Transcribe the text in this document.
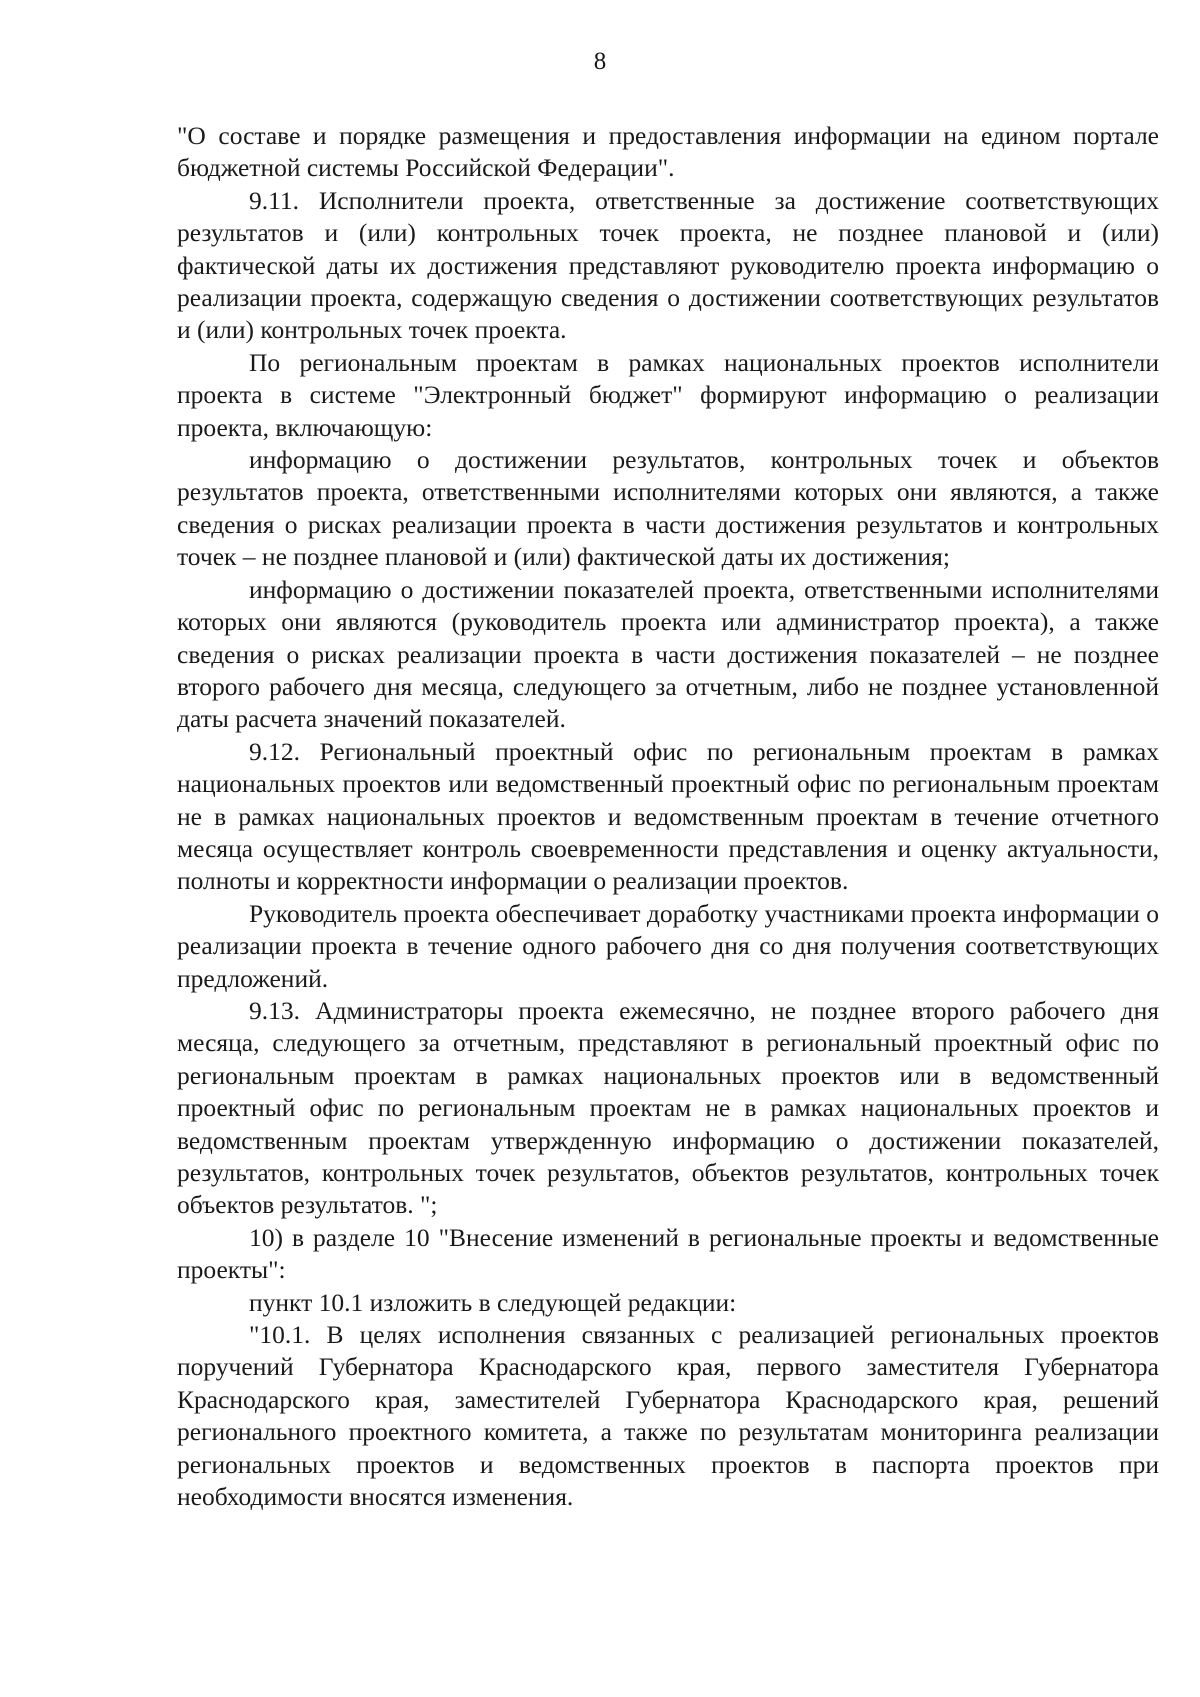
8

"О составе и порядке размещения и предоставления информации на едином портале бюджетной системы Российской Федерации".

9.11. Исполнители проекта, ответственные за достижение соответствующих результатов и (или) контрольных точек проекта, не позднее плановой и (или) фактической даты их достижения представляют руководителю проекта информацию о реализации проекта, содержащую сведения о достижении соответствующих результатов и (или) контрольных точек проекта.

По региональным проектам в рамках национальных проектов исполнители проекта в системе "Электронный бюджет" формируют информацию о реализации проекта, включающую:

информацию о достижении результатов, контрольных точек и объектов результатов проекта, ответственными исполнителями которых они являются, а также сведения о рисках реализации проекта в части достижения результатов и контрольных точек – не позднее плановой и (или) фактической даты их достижения;

информацию о достижении показателей проекта, ответственными исполнителями которых они являются (руководитель проекта или администратор проекта), а также сведения о рисках реализации проекта в части достижения показателей – не позднее второго рабочего дня месяца, следующего за отчетным, либо не позднее установленной даты расчета значений показателей.

9.12. Региональный проектный офис по региональным проектам в рамках национальных проектов или ведомственный проектный офис по региональным проектам не в рамках национальных проектов и ведомственным проектам в течение отчетного месяца осуществляет контроль своевременности представления и оценку актуальности, полноты и корректности информации о реализации проектов.

Руководитель проекта обеспечивает доработку участниками проекта информации о реализации проекта в течение одного рабочего дня со дня получения соответствующих предложений.

9.13. Администраторы проекта ежемесячно, не позднее второго рабочего дня месяца, следующего за отчетным, представляют в региональный проектный офис по региональным проектам в рамках национальных проектов или в ведомственный проектный офис по региональным проектам не в рамках национальных проектов и ведомственным проектам утвержденную информацию о достижении показателей, результатов, контрольных точек результатов, объектов результатов, контрольных точек объектов результатов. ";

10) в разделе 10 "Внесение изменений в региональные проекты и ведомственные проекты":

пункт 10.1 изложить в следующей редакции:

"10.1. В целях исполнения связанных с реализацией региональных проектов поручений Губернатора Краснодарского края, первого заместителя Губернатора Краснодарского края, заместителей Губернатора Краснодарского края, решений регионального проектного комитета, а также по результатам мониторинга реализации региональных проектов и ведомственных проектов в паспорта проектов при необходимости вносятся изменения.
